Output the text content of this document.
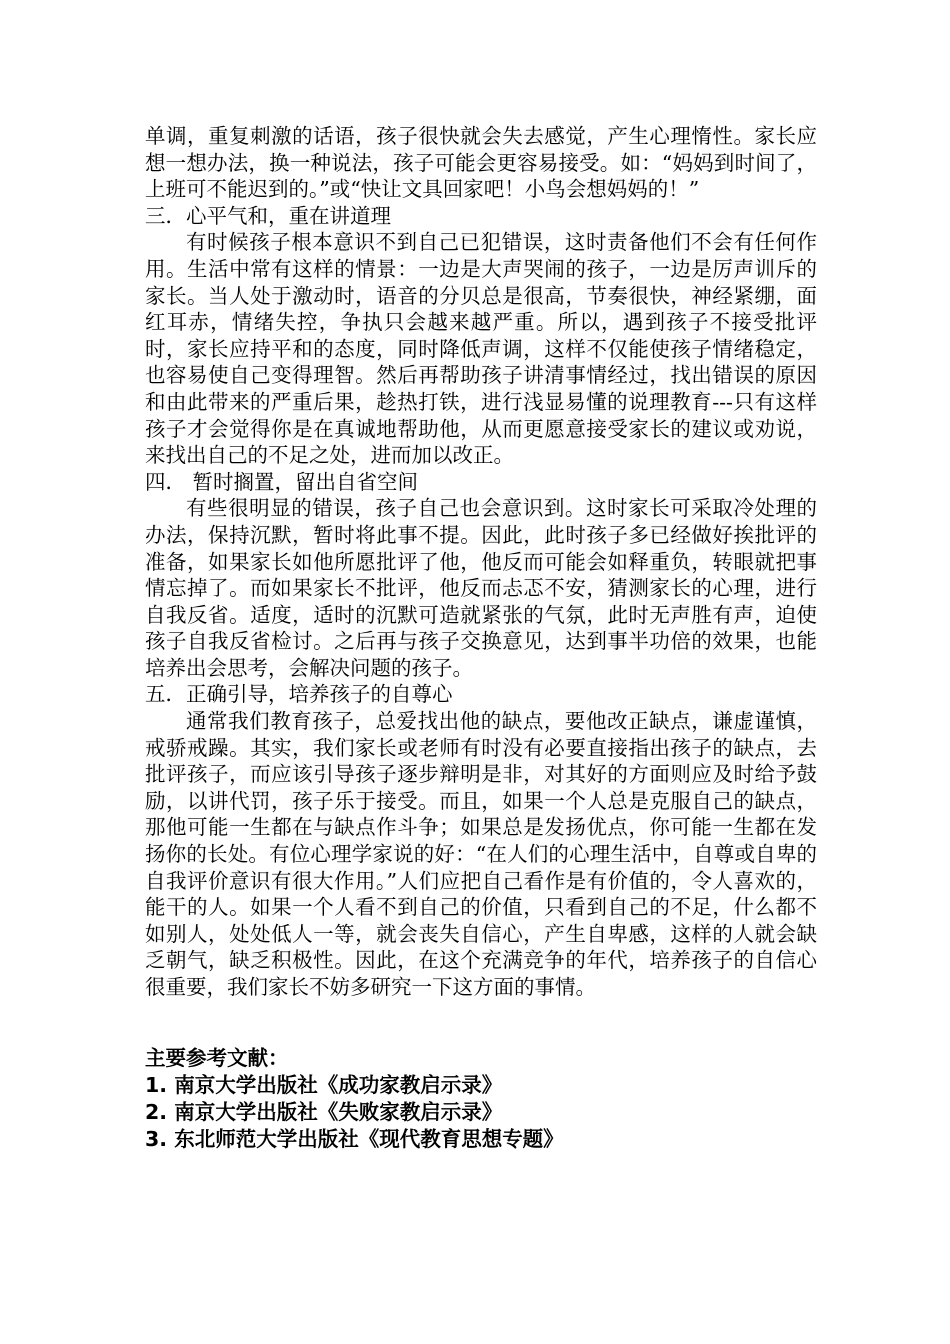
单调，重复刺激的话语，孩子很快就会失去感觉，产生心理惰性。家长应想一想办法，换一种说法，孩子可能会更容易接受。如：“妈妈到时间了，上班可不能迟到的。”或“快让文具回家吧！小鸟会想妈妈的！”

三．心平气和，重在讲道理

有时候孩子根本意识不到自己已犯错误，这时责备他们不会有任何作用。生活中常有这样的情景：一边是大声哭闹的孩子，一边是厉声训斥的家长。当人处于激动时，语音的分贝总是很高，节奏很快，神经紧绷，面红耳赤，情绪失控，争执只会越来越严重。所以，遇到孩子不接受批评时，家长应持平和的态度，同时降低声调，这样不仅能使孩子情绪稳定，也容易使自己变得理智。然后再帮助孩子讲清事情经过，找出错误的原因和由此带来的严重后果，趁热打铁，进行浅显易懂的说理教育---只有这样孩子才会觉得你是在真诚地帮助他，从而更愿意接受家长的建议或劝说，来找出自己的不足之处，进而加以改正。

四． 暂时搁置，留出自省空间

有些很明显的错误，孩子自己也会意识到。这时家长可采取冷处理的办法，保持沉默，暂时将此事不提。因此，此时孩子多已经做好挨批评的准备，如果家长如他所愿批评了他，他反而可能会如释重负，转眼就把事情忘掉了。而如果家长不批评，他反而忐忑不安，猜测家长的心理，进行自我反省。适度，适时的沉默可造就紧张的气氛，此时无声胜有声，迫使孩子自我反省检讨。之后再与孩子交换意见，达到事半功倍的效果，也能培养出会思考，会解决问题的孩子。

五．正确引导，培养孩子的自尊心

通常我们教育孩子，总爱找出他的缺点，要他改正缺点，谦虚谨慎，戒骄戒躁。其实，我们家长或老师有时没有必要直接指出孩子的缺点，去批评孩子，而应该引导孩子逐步辩明是非，对其好的方面则应及时给予鼓励，以讲代罚，孩子乐于接受。而且，如果一个人总是克服自己的缺点，那他可能一生都在与缺点作斗争；如果总是发扬优点，你可能一生都在发扬你的长处。有位心理学家说的好：“在人们的心理生活中，自尊或自卑的自我评价意识有很大作用。”人们应把自己看作是有价值的，令人喜欢的，能干的人。如果一个人看不到自己的价值，只看到自己的不足，什么都不如别人，处处低人一等，就会丧失自信心，产生自卑感，这样的人就会缺乏朝气，缺乏积极性。因此，在这个充满竞争的年代，培养孩子的自信心很重要，我们家长不妨多研究一下这方面的事情。

主要参考文献：

1. 南京大学出版社《成功家教启示录》

2. 南京大学出版社《失败家教启示录》

3. 东北师范大学出版社《现代教育思想专题》
